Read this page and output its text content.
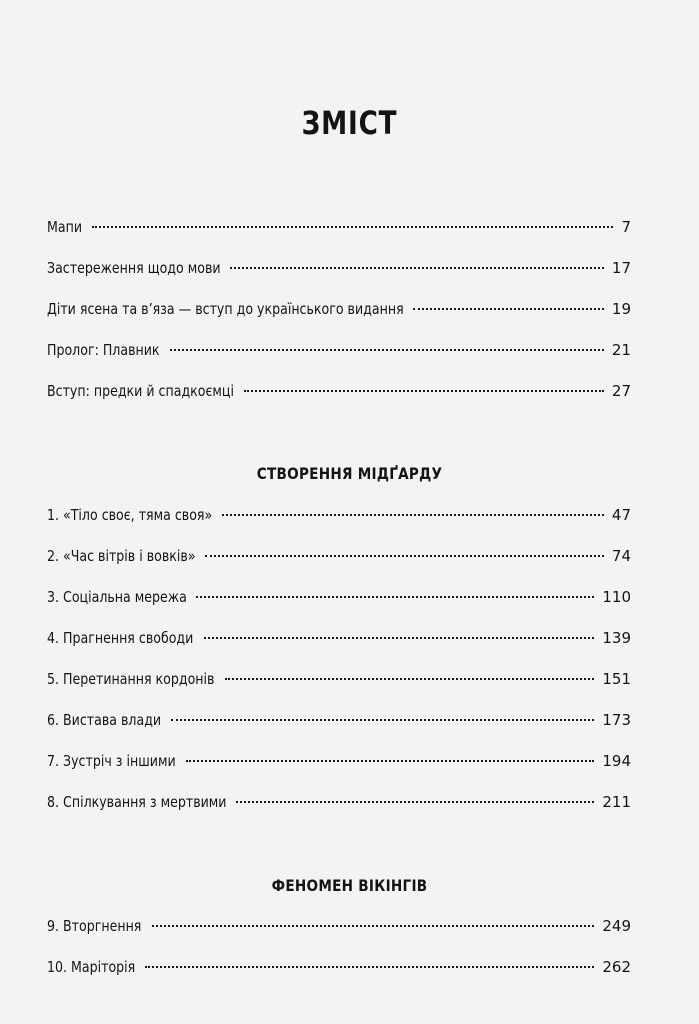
ЗМІСТ
Мапи	7
Застереження щодо мови	17
Діти ясена та в’яза — вступ до українського видання	19
Пролог: Плавник	21
Вступ: предки й спадкоємці	27
СТВОРЕННЯ МІДҐАРДУ
1. «Тіло своє, тяма своя»	47
2. «Час вітрів і вовків»	74
3. Соціальна мережа	110
4. Прагнення свободи	139
5. Перетинання кордонів	151
6. Вистава влади	173
7. Зустріч з іншими	194
8. Спілкування з мертвими	211
ФЕНОМЕН ВІКІНГІВ
9. Вторгнення	249
10. Маріторія	262
